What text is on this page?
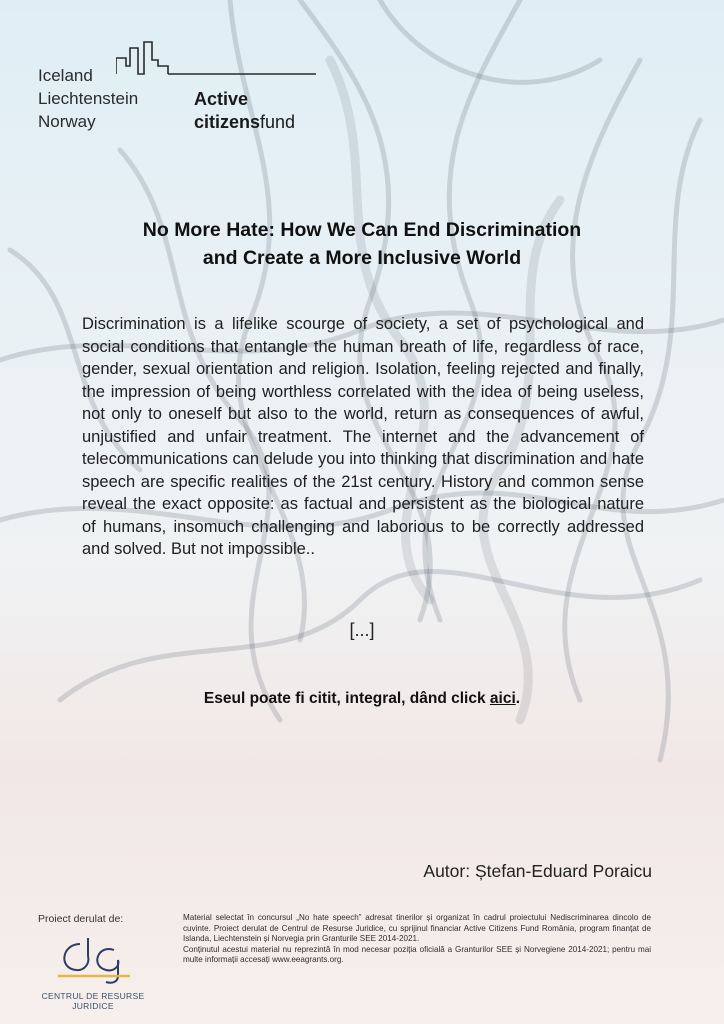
Iceland
Liechtenstein
Norway
Active
citizensfund
No More Hate: How We Can End Discrimination
and Create a More Inclusive World
Discrimination is a lifelike scourge of society, a set of psychological and social conditions that entangle the human breath of life, regardless of race, gender, sexual orientation and religion. Isolation, feeling rejected and finally, the impression of being worthless correlated with the idea of being useless, not only to oneself but also to the world, return as consequences of awful, unjustified and unfair treatment. The internet and the advancement of telecommunications can delude you into thinking that discrimination and hate speech are specific realities of the 21st century. History and common sense reveal the exact opposite: as factual and persistent as the biological nature of humans, insomuch challenging and laborious to be correctly addressed and solved. But not impossible..
[...]
Eseul poate fi citit, integral, dând click aici.
Autor: Ștefan-Eduard Poraicu
Proiect derulat de:
CENTRUL DE RESURSE
JURIDICE

Material selectat în concursul „No hate speech” adresat tinerilor și organizat în cadrul proiectului Nediscriminarea dincolo de cuvinte. Proiect derulat de Centrul de Resurse Juridice, cu sprijinul financiar Active Citizens Fund România, program finanțat de Islanda, Liechtenstein și Norvegia prin Granturile SEE 2014-2021.

Conținutul acestui material nu reprezintă în mod necesar poziția oficială a Granturilor SEE și Norvegiene 2014-2021; pentru mai multe informații accesați www.eeagrants.org.
